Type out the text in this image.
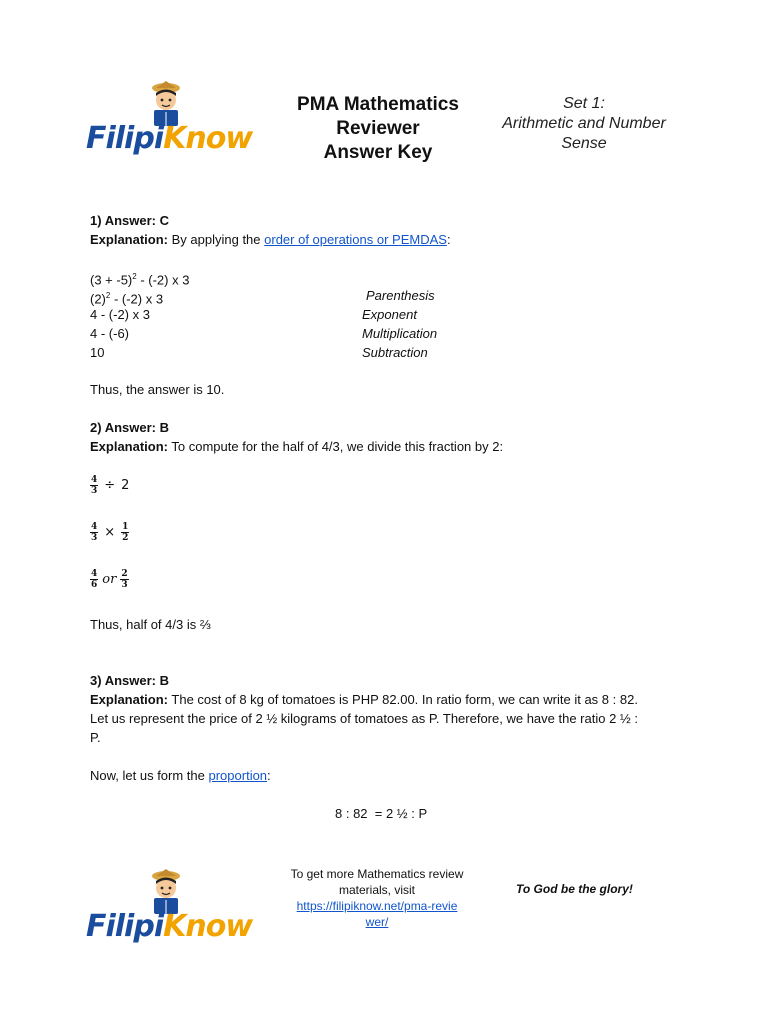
FilipiKnow
PMA Mathematics
Reviewer
Answer Key
Set 1:
Arithmetic and Number
Sense
1) Answer: C
Explanation: By applying the order of operations or PEMDAS:
$(3 + -5)^2 - (-2)$ x 3
$(2)^2 - (-2)$ x 3	Parenthesis
4 - (-2) x 3	Exponent
4 - (-6)	Multiplication
10	Subtraction
Thus, the answer is 10.
2) Answer: B
Explanation: To compute for the half of 4/3, we divide this fraction by 2:
$\frac{4}{3} \div 2$
$\frac{4}{3} \times \frac{1}{2}$
$\frac{4}{6}$ or $\frac{2}{3}$
Thus, half of 4/3 is ⅔
3) Answer: B
Explanation: The cost of 8 kg of tomatoes is PHP 82.00. In ratio form, we can write it as 8 : 82.
Let us represent the price of 2 ½ kilograms of tomatoes as P. Therefore, we have the ratio 2 ½ :
P.
Now, let us form the proportion:
8 : 82  = 2 ½ : P
FilipiKnow
To get more Mathematics review
materials, visit
https://filipiknow.net/pma-revie
wer/
To God be the glory!
